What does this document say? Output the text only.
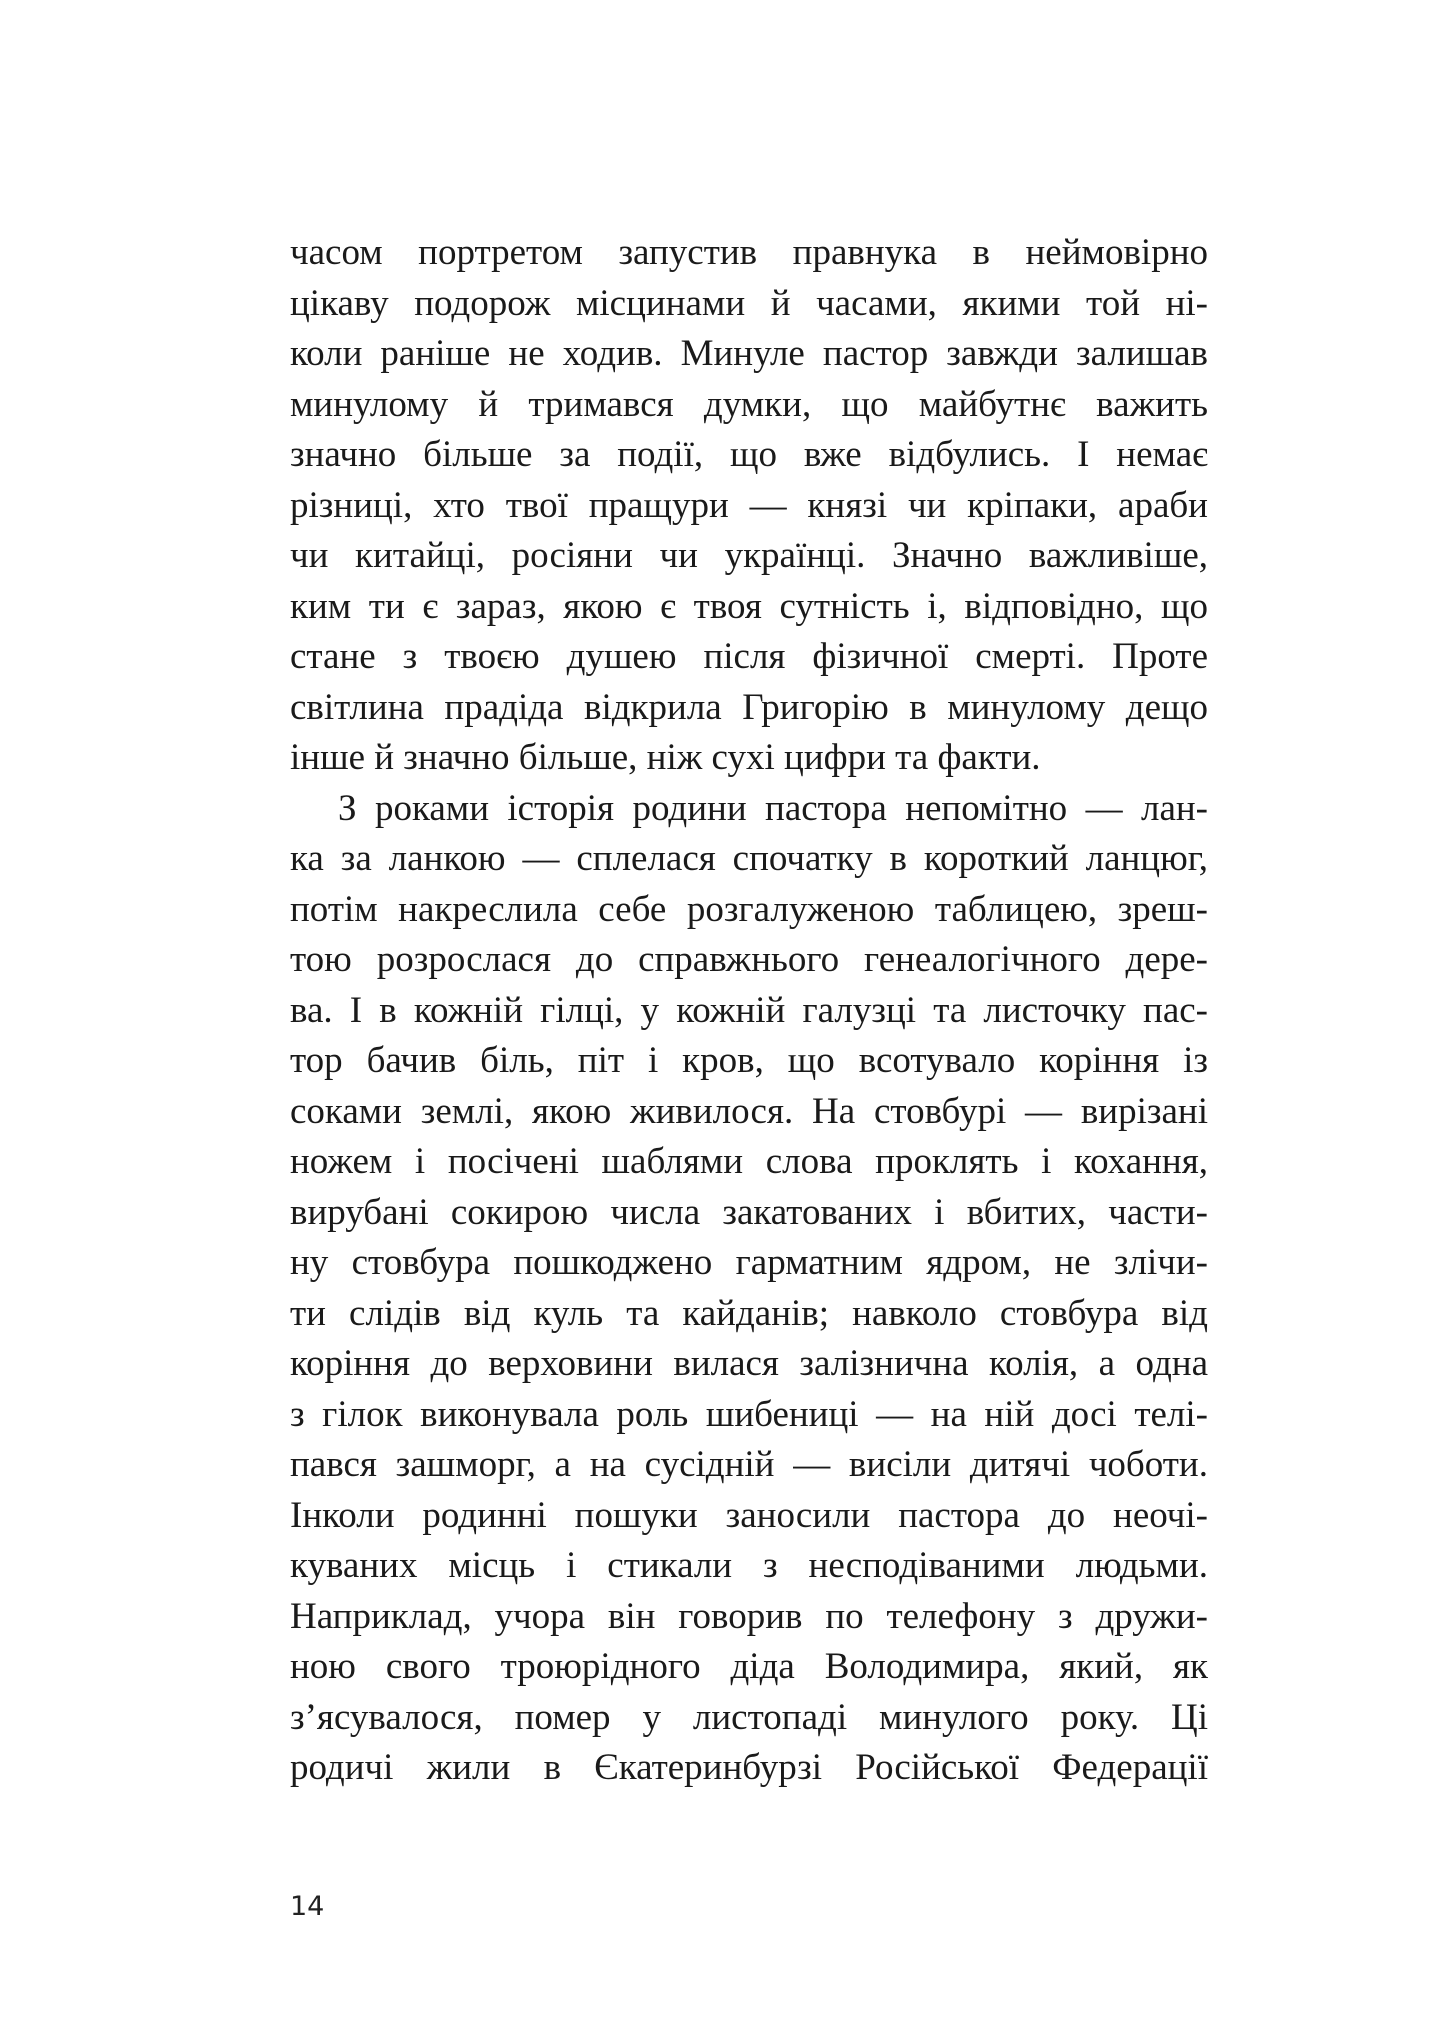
часом портретом запустив правнука в неймовірно
цікаву подорож місцинами й часами, якими той ні-
коли раніше не ходив. Минуле пастор завжди залишав
минулому й тримався думки, що майбутнє важить
значно більше за події, що вже відбулись. І немає
різниці, хто твої пращури — князі чи кріпаки, араби
чи китайці, росіяни чи українці. Значно важливіше,
ким ти є зараз, якою є твоя сутність і, відповідно, що
стане з твоєю душею після фізичної смерті. Проте
світлина прадіда відкрила Григорію в минулому дещо
інше й значно більше, ніж сухі цифри та факти.
З роками історія родини пастора непомітно — лан-
ка за ланкою — сплелася спочатку в короткий ланцюг,
потім накреслила себе розгалуженою таблицею, зреш-
тою розрослася до справжнього генеалогічного дере-
ва. І в кожній гілці, у кожній галузці та листочку пас-
тор бачив біль, піт і кров, що всотувало коріння із
соками землі, якою живилося. На стовбурі — вирізані
ножем і посічені шаблями слова проклять і кохання,
вирубані сокирою числа закатованих і вбитих, части-
ну стовбура пошкоджено гарматним ядром, не злічи-
ти слідів від куль та кайданів; навколо стовбура від
коріння до верховини вилася залізнична колія, а одна
з гілок виконувала роль шибениці — на ній досі телі-
пався зашморг, а на сусідній — висіли дитячі чоботи.
Інколи родинні пошуки заносили пастора до неочі-
куваних місць і стикали з несподіваними людьми.
Наприклад, учора він говорив по телефону з дружи-
ною свого троюрідного діда Володимира, який, як
з’ясувалося, помер у листопаді минулого року. Ці
родичі жили в Єкатеринбурзі Російської Федерації
14
